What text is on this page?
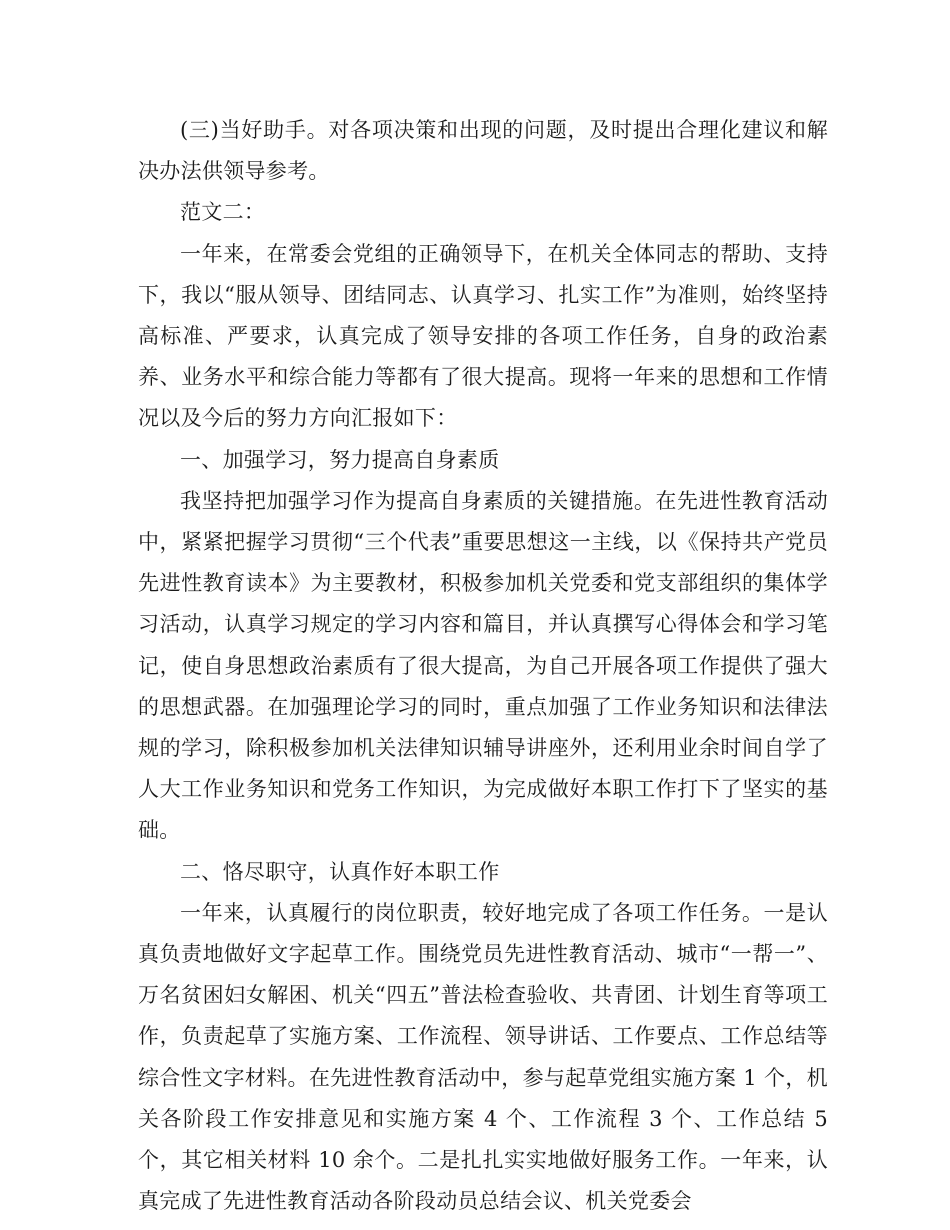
(三)当好助手。对各项决策和出现的问题，及时提出合理化建议和解决办法供领导参考。

范文二：

一年来，在常委会党组的正确领导下，在机关全体同志的帮助、支持下，我以“服从领导、团结同志、认真学习、扎实工作”为准则，始终坚持高标准、严要求，认真完成了领导安排的各项工作任务，自身的政治素养、业务水平和综合能力等都有了很大提高。现将一年来的思想和工作情况以及今后的努力方向汇报如下：

一、加强学习，努力提高自身素质

我坚持把加强学习作为提高自身素质的关键措施。在先进性教育活动中，紧紧把握学习贯彻“三个代表”重要思想这一主线，以《保持共产党员先进性教育读本》为主要教材，积极参加机关党委和党支部组织的集体学习活动，认真学习规定的学习内容和篇目，并认真撰写心得体会和学习笔记，使自身思想政治素质有了很大提高，为自己开展各项工作提供了强大的思想武器。在加强理论学习的同时，重点加强了工作业务知识和法律法规的学习，除积极参加机关法律知识辅导讲座外，还利用业余时间自学了人大工作业务知识和党务工作知识，为完成做好本职工作打下了坚实的基础。

二、恪尽职守，认真作好本职工作

一年来，认真履行的岗位职责，较好地完成了各项工作任务。一是认真负责地做好文字起草工作。围绕党员先进性教育活动、城市“一帮一”、万名贫困妇女解困、机关“四五”普法检查验收、共青团、计划生育等项工作，负责起草了实施方案、工作流程、领导讲话、工作要点、工作总结等综合性文字材料。在先进性教育活动中，参与起草党组实施方案 1 个，机关各阶段工作安排意见和实施方案 4 个、工作流程 3 个、工作总结 5 个，其它相关材料 10 余个。二是扎扎实实地做好服务工作。一年来，认真完成了先进性教育活动各阶段动员总结会议、机关党委会
